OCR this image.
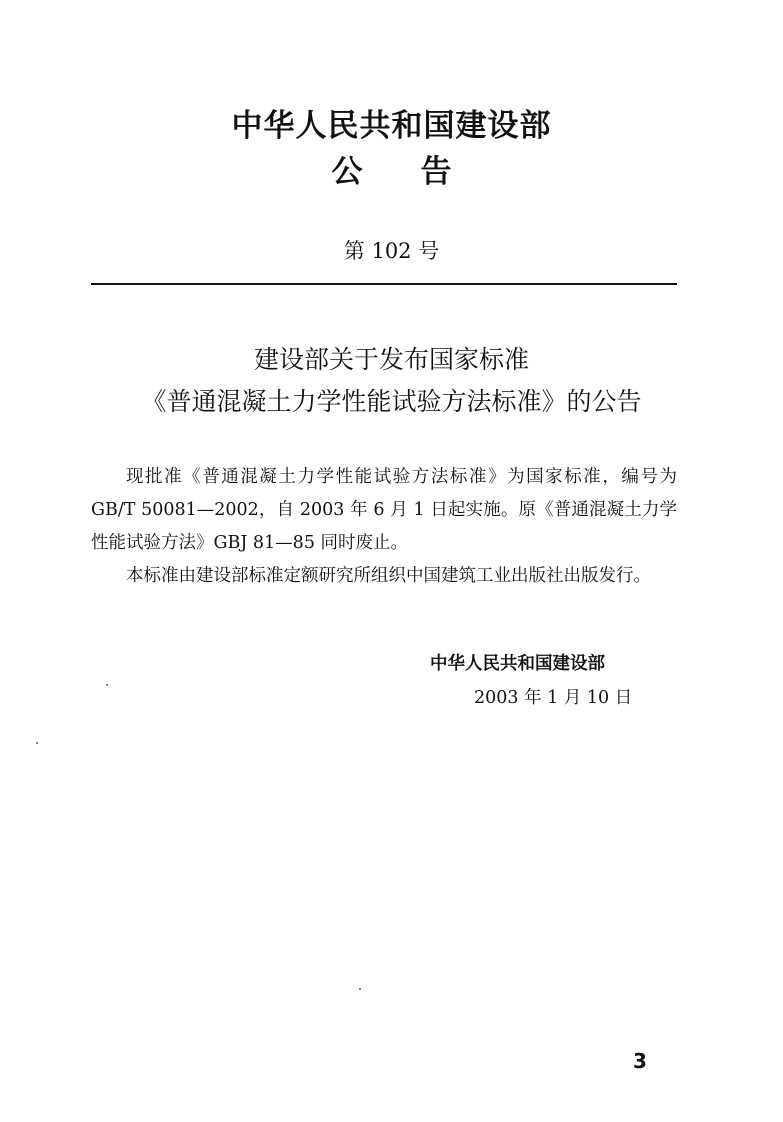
中华人民共和国建设部
公 告
第 102 号
建设部关于发布国家标准
《普通混凝土力学性能试验方法标准》的公告

现批准《普通混凝土力学性能试验方法标准》为国家标准，编号为 GB/T 50081—2002，自 2003 年 6 月 1 日起实施。原《普通混凝土力学性能试验方法》GBJ 81—85 同时废止。

本标准由建设部标准定额研究所组织中国建筑工业出版社出版发行。

中华人民共和国建设部
2003 年 1 月 10 日
3
